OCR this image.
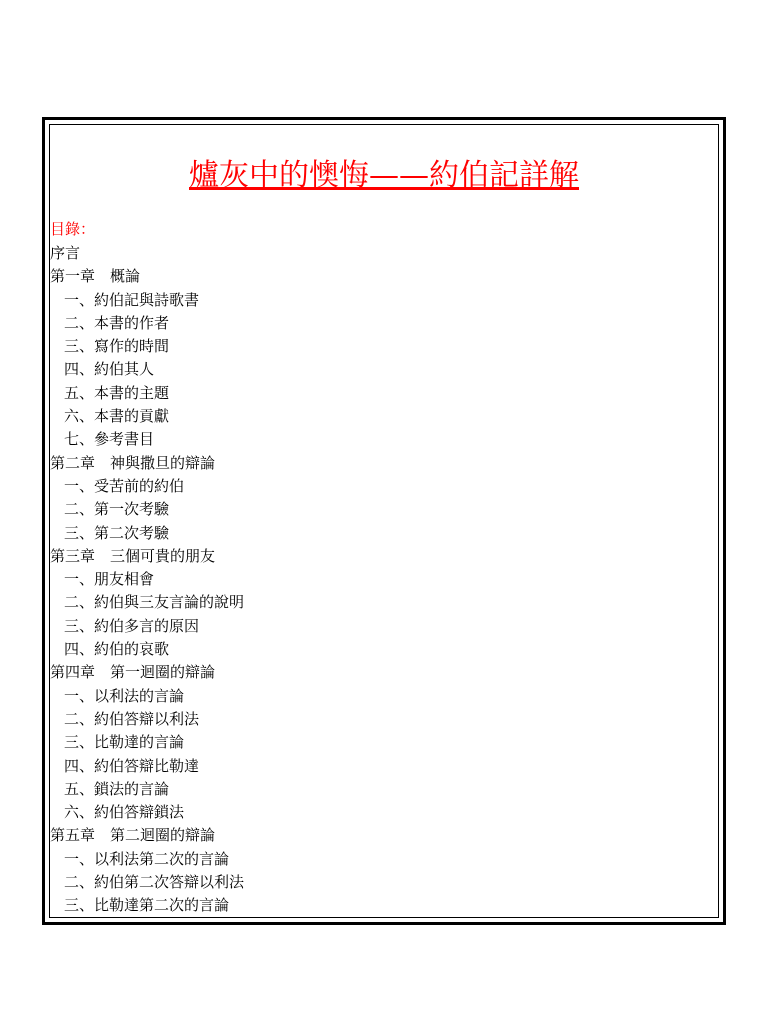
爐灰中的懊悔——約伯記詳解
目錄：
序言
第一章　概論
一、約伯記與詩歌書
二、本書的作者
三、寫作的時間
四、約伯其人
五、本書的主題
六、本書的貢獻
七、參考書目
第二章　神與撒旦的辯論
一、受苦前的約伯
二、第一次考驗
三、第二次考驗
第三章　三個可貴的朋友
一、朋友相會
二、約伯與三友言論的說明
三、約伯多言的原因
四、約伯的哀歌
第四章　第一迴圈的辯論
一、以利法的言論
二、約伯答辯以利法
三、比勒達的言論
四、約伯答辯比勒達
五、鎖法的言論
六、約伯答辯鎖法
第五章　第二迴圈的辯論
一、以利法第二次的言論
二、約伯第二次答辯以利法
三、比勒達第二次的言論
